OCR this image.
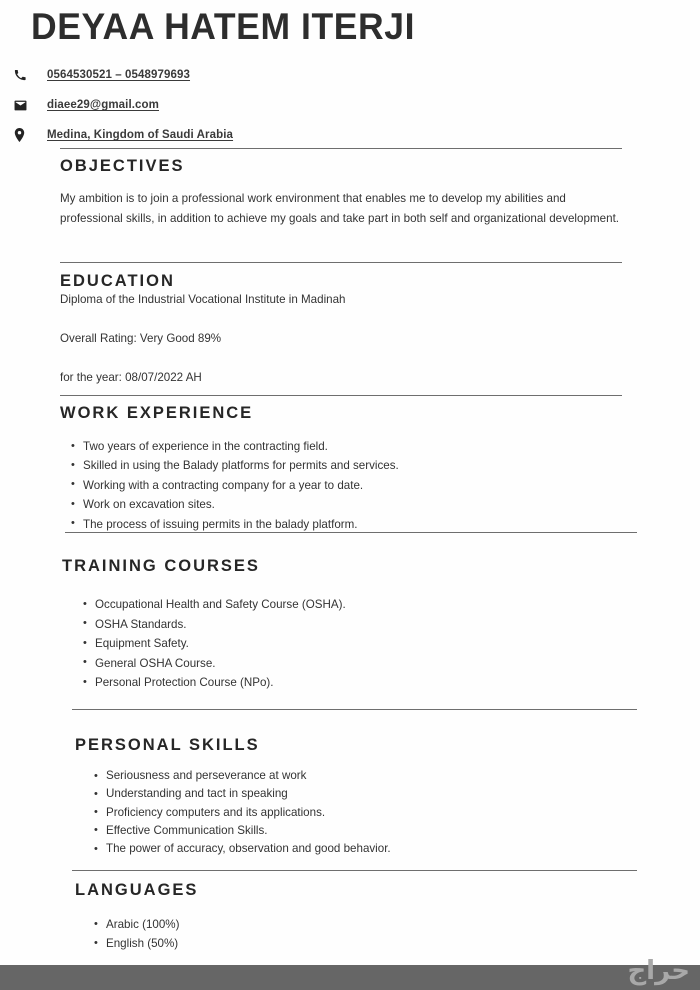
DEYAA HATEM ITERJI
0564530521 – 0548979693
diaee29@gmail.com
Medina, Kingdom of Saudi Arabia
OBJECTIVES
My ambition is to join a professional work environment that enables me to develop my abilities and professional skills, in addition to achieve my goals and take part in both self and organizational development.
EDUCATION
Diploma of the Industrial Vocational Institute in Madinah
Overall Rating: Very Good 89%
for the year: 08/07/2022 AH
WORK EXPERIENCE
• Two years of experience in the contracting field.
• Skilled in using the Balady platforms for permits and services.
• Working with a contracting company for a year to date.
• Work on excavation sites.
• The process of issuing permits in the balady platform.
TRAINING COURSES
• Occupational Health and Safety Course (OSHA).
• OSHA Standards.
• Equipment Safety.
• General OSHA Course.
• Personal Protection Course (NPo).
PERSONAL SKILLS
• Seriousness and perseverance at work
• Understanding and tact in speaking
• Proficiency computers and its applications.
• Effective Communication Skills.
• The power of accuracy, observation and good behavior.
LANGUAGES
• Arabic (100%)
• English (50%)
حراج
